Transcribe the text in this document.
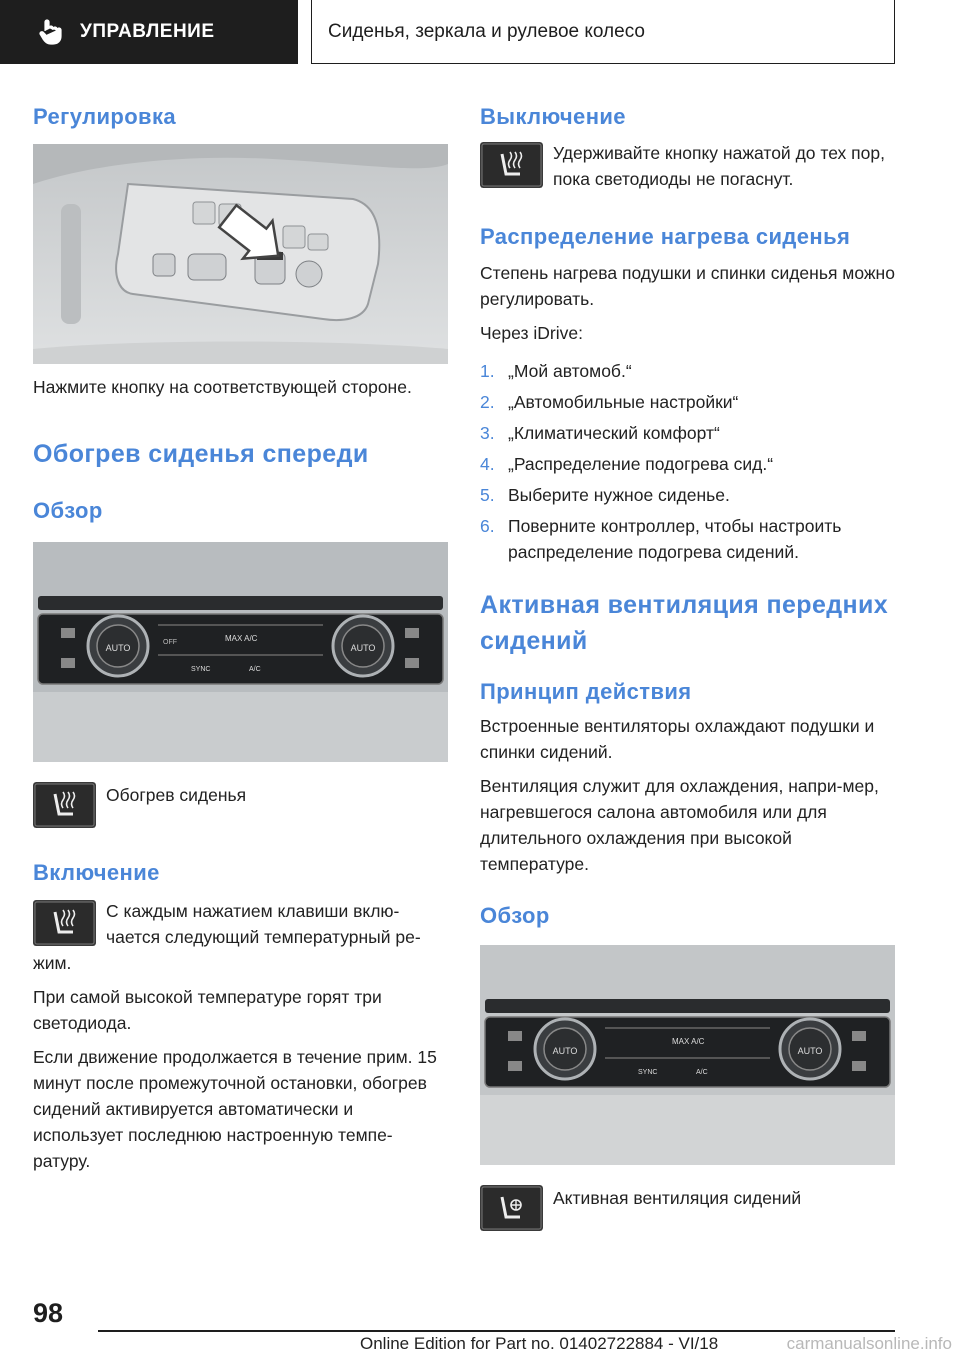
УПРАВЛЕНИЕ	Сиденья, зеркала и рулевое колесо
Регулировка

Нажмите кнопку на соответствующей стороне.

Обогрев сиденья спереди
Обзор
AUTO	AUTO
OFF	MAX A/C
SYNC	A/C

Обогрев сиденья

Включение

С каждым нажатием клавиши вклю-чается следующий температурный ре-жим.

При самой высокой температуре горят три светодиода.

Если движение продолжается в течение прим. 15 минут после промежуточной остановки, обогрев сидений активируется автоматически и использует последнюю настроенную темпе-ратуру.

Выключение

Удерживайте кнопку нажатой до тех пор, пока светодиоды не погаснут.

Распределение нагрева сиденья

Степень нагрева подушки и спинки сиденья можно регулировать.

Через iDrive:

1. „Мой автомоб.“
2. „Автомобильные настройки“
3. „Климатический комфорт“
4. „Распределение подогрева сид.“
5. Выберите нужное сиденье.
6. Поверните контроллер, чтобы настроить распределение подогрева сидений.
Активная вентиляция передних сидений
Принцип действия

Встроенные вентиляторы охлаждают подушки и спинки сидений.

Вентиляция служит для охлаждения, напри-мер, нагревшегося салона автомобиля или для длительного охлаждения при высокой температуре.

Обзор
AUTO	AUTO
MAX A/C
SYNC	A/C

Активная вентиляция сидений

98
Online Edition for Part no. 01402722884 - VI/18	carmanualsonline.info
